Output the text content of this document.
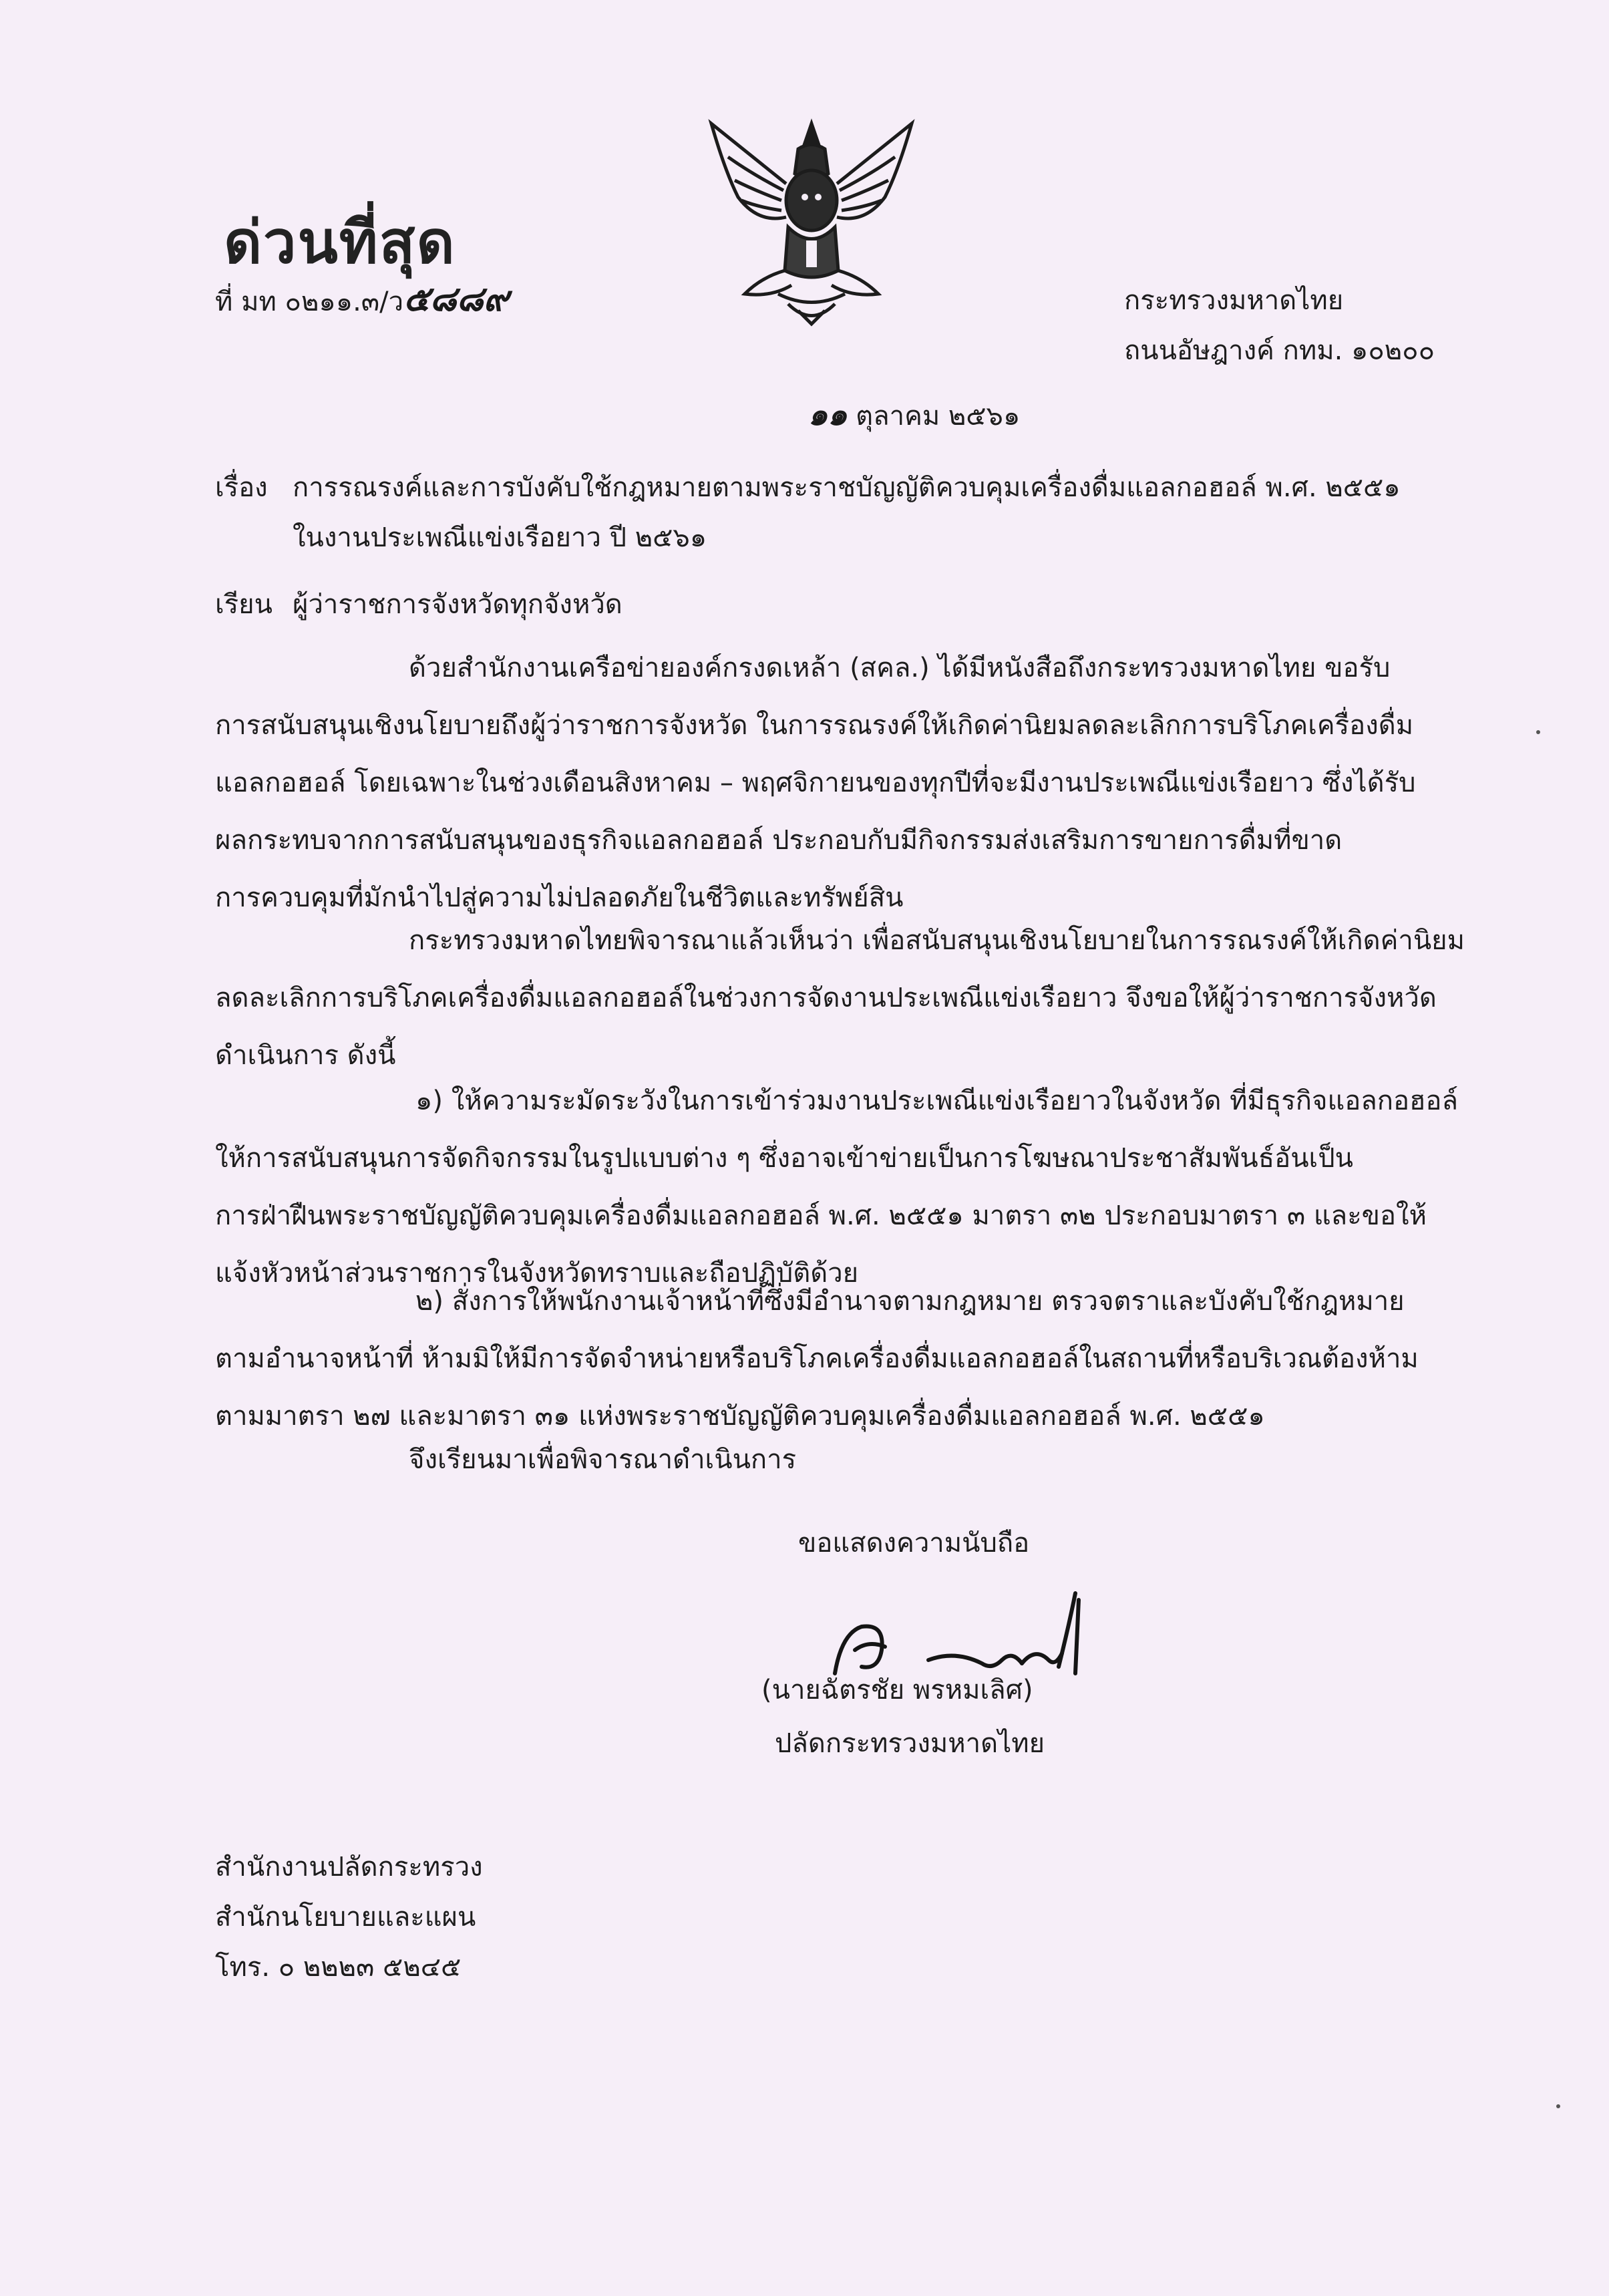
ด่วนที่สุด
ที่ มท ๐๒๑๑.๓/ว๕๘๘๙	กระทรวงมหาดไทย
ถนนอัษฎางค์ กทม. ๑๐๒๐๐
๑๑ ตุลาคม ๒๕๖๑
เรื่อง การรณรงค์และการบังคับใช้กฎหมายตามพระราชบัญญัติควบคุมเครื่องดื่มแอลกอฮอล์ พ.ศ. ๒๕๕๑
ในงานประเพณีแข่งเรือยาว ปี ๒๕๖๑
เรียน ผู้ว่าราชการจังหวัดทุกจังหวัด
ด้วยสำนักงานเครือข่ายองค์กรงดเหล้า (สคล.) ได้มีหนังสือถึงกระทรวงมหาดไทย ขอรับ
การสนับสนุนเชิงนโยบายถึงผู้ว่าราชการจังหวัด ในการรณรงค์ให้เกิดค่านิยมลดละเลิกการบริโภคเครื่องดื่ม
แอลกอฮอล์ โดยเฉพาะในช่วงเดือนสิงหาคม – พฤศจิกายนของทุกปีที่จะมีงานประเพณีแข่งเรือยาว ซึ่งได้รับ
ผลกระทบจากการสนับสนุนของธุรกิจแอลกอฮอล์ ประกอบกับมีกิจกรรมส่งเสริมการขายการดื่มที่ขาด
การควบคุมที่มักนำไปสู่ความไม่ปลอดภัยในชีวิตและทรัพย์สิน
กระทรวงมหาดไทยพิจารณาแล้วเห็นว่า เพื่อสนับสนุนเชิงนโยบายในการรณรงค์ให้เกิดค่านิยม
ลดละเลิกการบริโภคเครื่องดื่มแอลกอฮอล์ในช่วงการจัดงานประเพณีแข่งเรือยาว จึงขอให้ผู้ว่าราชการจังหวัด
ดำเนินการ ดังนี้
๑) ให้ความระมัดระวังในการเข้าร่วมงานประเพณีแข่งเรือยาวในจังหวัด ที่มีธุรกิจแอลกอฮอล์
ให้การสนับสนุนการจัดกิจกรรมในรูปแบบต่าง ๆ ซึ่งอาจเข้าข่ายเป็นการโฆษณาประชาสัมพันธ์อันเป็น
การฝ่าฝืนพระราชบัญญัติควบคุมเครื่องดื่มแอลกอฮอล์ พ.ศ. ๒๕๕๑ มาตรา ๓๒ ประกอบมาตรา ๓ และขอให้
แจ้งหัวหน้าส่วนราชการในจังหวัดทราบและถือปฏิบัติด้วย
๒) สั่งการให้พนักงานเจ้าหน้าที่ซึ่งมีอำนาจตามกฎหมาย ตรวจตราและบังคับใช้กฎหมาย
ตามอำนาจหน้าที่ ห้ามมิให้มีการจัดจำหน่ายหรือบริโภคเครื่องดื่มแอลกอฮอล์ในสถานที่หรือบริเวณต้องห้าม
ตามมาตรา ๒๗ และมาตรา ๓๑ แห่งพระราชบัญญัติควบคุมเครื่องดื่มแอลกอฮอล์ พ.ศ. ๒๕๕๑
จึงเรียนมาเพื่อพิจารณาดำเนินการ
ขอแสดงความนับถือ
(นายฉัตรชัย พรหมเลิศ)
ปลัดกระทรวงมหาดไทย
สำนักงานปลัดกระทรวง
สำนักนโยบายและแผน
โทร. ๐ ๒๒๒๓ ๕๒๔๕
